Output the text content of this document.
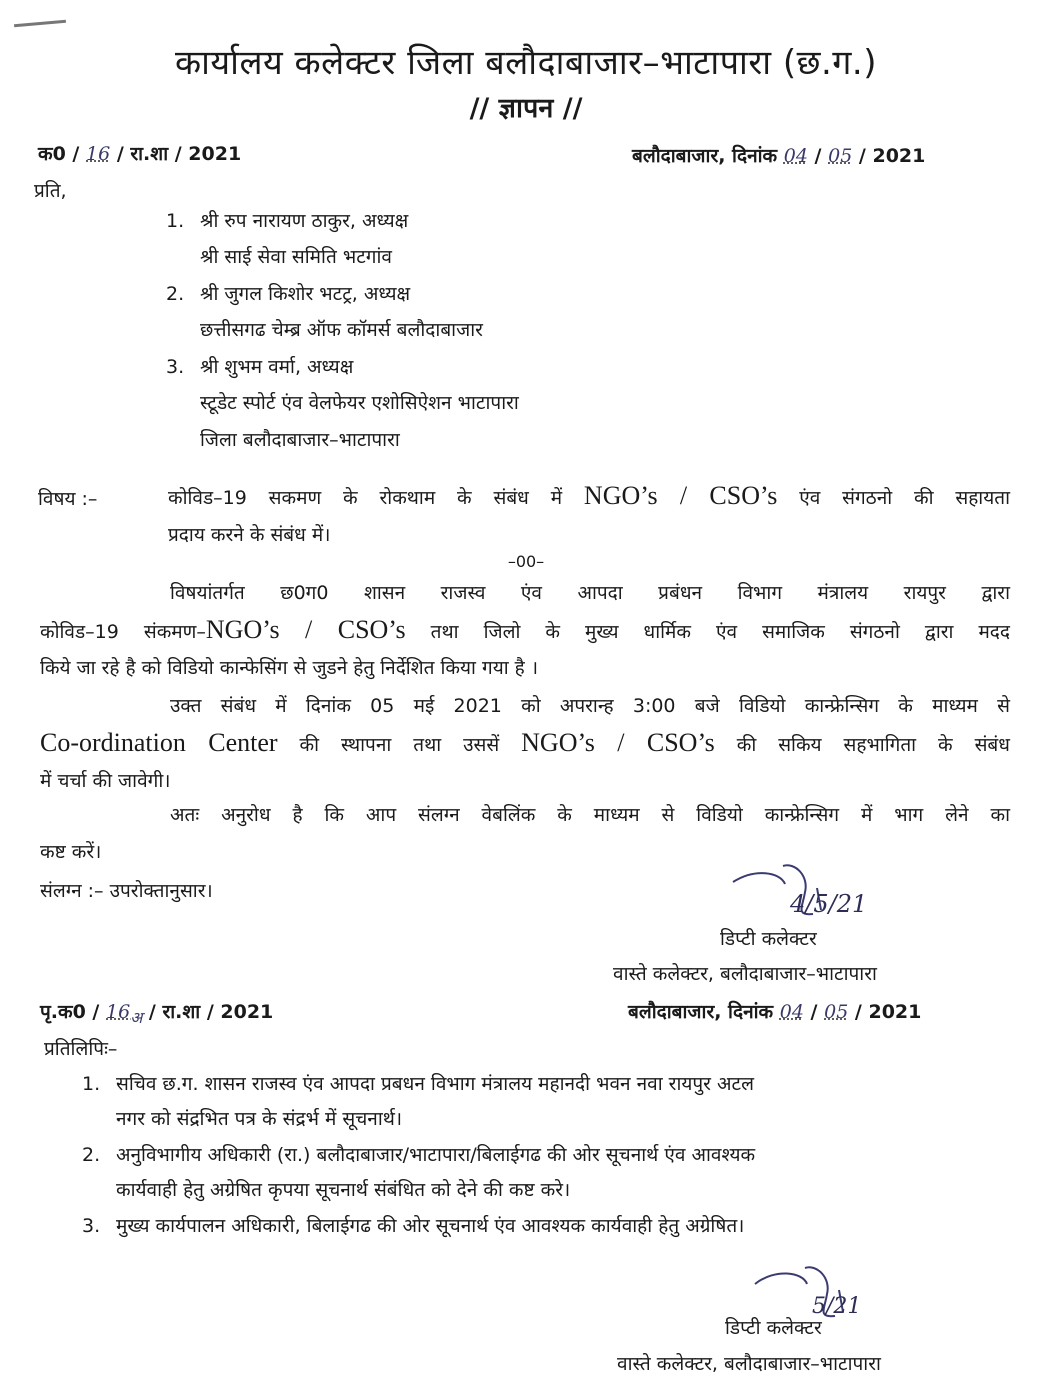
कार्यालय कलेक्टर जिला बलौदाबाजार–भाटापारा (छ.ग.)
// ज्ञापन //
क0 / 16 / रा.शा / 2021	बलौदाबाजार, दिनांक 04 / 05 / 2021
प्रति,
1. श्री रुप नारायण ठाकुर, अध्यक्ष
श्री साई सेवा समिति भटगांव
2. श्री जुगल किशोर भटट्र, अध्यक्ष
छत्तीसगढ चेम्ब्र ऑफ कॉमर्स बलौदाबाजार
3. श्री शुभम वर्मा, अध्यक्ष
स्टूडेट स्पोर्ट एंव वेलफेयर एशोसिऐशन भाटापारा
जिला बलौदाबाजार–भाटापारा
विषय :–	कोविड–19 सकमण के रोकथाम के संबंध में NGO’s / CSO’s एंव संगठनो की सहायता
प्रदाय करने के संबंध में।
–00–
विषयांतर्गत छ0ग0 शासन राजस्व एंव आपदा प्रबंधन विभाग मंत्रालय रायपुर द्वारा
कोविड–19 संकमण–NGO’s / CSO’s तथा जिलो के मुख्य धार्मिक एंव समाजिक संगठनो द्वारा मदद
किये जा रहे है को विडियो कान्फेसिंग से जुडने हेतु निर्देशित किया गया है ।
उक्त संबंध में दिनांक 05 मई 2021 को अपरान्ह 3:00 बजे विडियो कान्फ्रेन्सिग के माध्यम से
Co-ordination Center की स्थापना तथा उससें NGO’s / CSO’s की सकिय सहभागिता के संबंध
में चर्चा की जावेगी।
अतः अनुरोध है कि आप संलग्न वेबलिंक के माध्यम से विडियो कान्फ्रेन्सिग में भाग लेने का
कष्ट करें।
संलग्न :– उपरोक्तानुसार।	4/5/21
डिप्टी कलेक्टर
वास्ते कलेक्टर, बलौदाबाजार–भाटापारा
पृ.क0 / $16_अ$ / रा.शा / 2021	बलौदाबाजार, दिनांक 04 / 05 / 2021
प्रतिलिपिः–
1. सचिव छ.ग. शासन राजस्व एंव आपदा प्रबधन विभाग मंत्रालय महानदी भवन नवा रायपुर अटल
नगर को संद्रभित पत्र के संद्रर्भ में सूचनार्थ।
2. अनुविभागीय अधिकारी (रा.) बलौदाबाजार/भाटापारा/बिलाईगढ की ओर सूचनार्थ एंव आवश्यक
कार्यवाही हेतु अग्रेषित कृपया सूचनार्थ संबंधित को देने की कष्ट करे।
3. मुख्य कार्यपालन अधिकारी, बिलाईगढ की ओर सूचनार्थ एंव आवश्यक कार्यवाही हेतु अग्रेषित।
5/21
डिप्टी कलेक्टर
वास्ते कलेक्टर, बलौदाबाजार–भाटापारा
